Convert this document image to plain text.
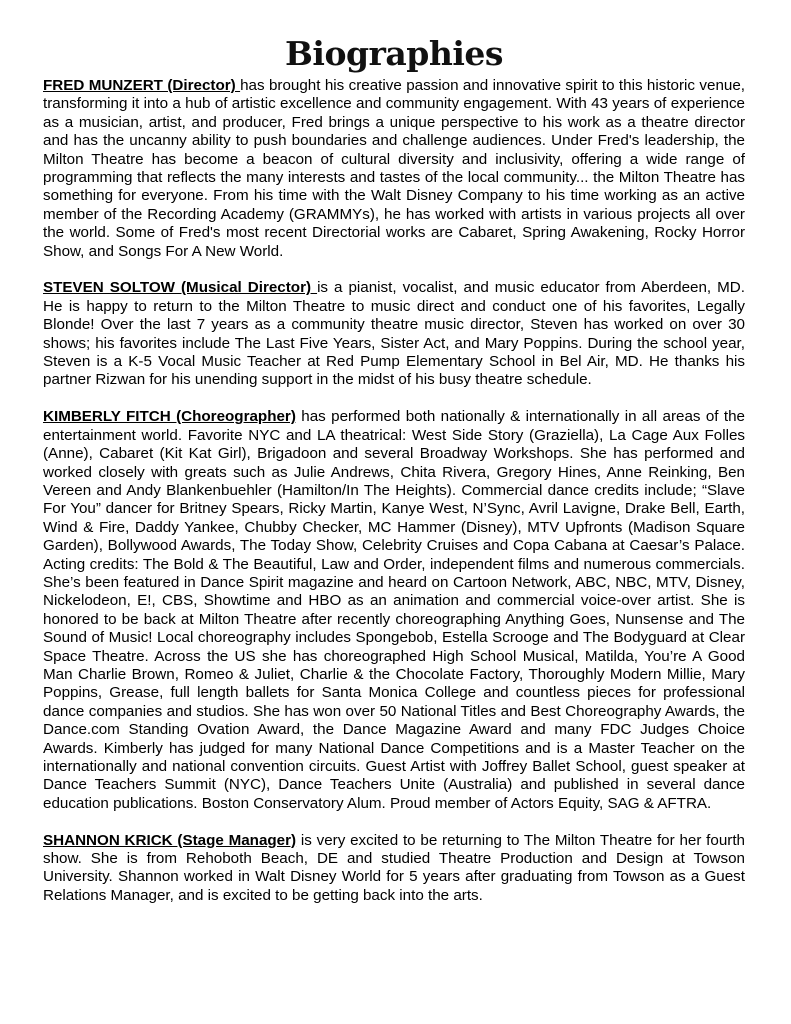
Biographies

FRED MUNZERT (Director) has brought his creative passion and innovative spirit to this historic venue, transforming it into a hub of artistic excellence and community engagement. With 43 years of experience as a musician, artist, and producer, Fred brings a unique perspective to his work as a theatre director and has the uncanny ability to push boundaries and challenge audiences. Under Fred's leadership, the Milton Theatre has become a beacon of cultural diversity and inclusivity, offering a wide range of programming that reflects the many interests and tastes of the local community... the Milton Theatre has something for everyone. From his time with the Walt Disney Company to his time working as an active member of the Recording Academy (GRAMMYs), he has worked with artists in various projects all over the world. Some of Fred's most recent Directorial works are Cabaret, Spring Awakening, Rocky Horror Show, and Songs For A New World.

STEVEN SOLTOW (Musical Director) is a pianist, vocalist, and music educator from Aberdeen, MD. He is happy to return to the Milton Theatre to music direct and conduct one of his favorites, Legally Blonde! Over the last 7 years as a community theatre music director, Steven has worked on over 30 shows; his favorites include The Last Five Years, Sister Act, and Mary Poppins. During the school year, Steven is a K-5 Vocal Music Teacher at Red Pump Elementary School in Bel Air, MD. He thanks his partner Rizwan for his unending support in the midst of his busy theatre schedule.

KIMBERLY FITCH (Choreographer) has performed both nationally & internationally in all areas of the entertainment world. Favorite NYC and LA theatrical: West Side Story (Graziella), La Cage Aux Folles (Anne), Cabaret (Kit Kat Girl), Brigadoon and several Broadway Workshops. She has performed and worked closely with greats such as Julie Andrews, Chita Rivera, Gregory Hines, Anne Reinking, Ben Vereen and Andy Blankenbuehler (Hamilton/In The Heights). Commercial dance credits include; “Slave For You” dancer for Britney Spears, Ricky Martin, Kanye West, N’Sync, Avril Lavigne, Drake Bell, Earth, Wind & Fire, Daddy Yankee, Chubby Checker, MC Hammer (Disney), MTV Upfronts (Madison Square Garden), Bollywood Awards, The Today Show, Celebrity Cruises and Copa Cabana at Caesar’s Palace. Acting credits: The Bold & The Beautiful, Law and Order, independent films and numerous commercials. She’s been featured in Dance Spirit magazine and heard on Cartoon Network, ABC, NBC, MTV, Disney, Nickelodeon, E!, CBS, Showtime and HBO as an animation and commercial voice-over artist. She is honored to be back at Milton Theatre after recently choreographing Anything Goes, Nunsense and The Sound of Music! Local choreography includes Spongebob, Estella Scrooge and The Bodyguard at Clear Space Theatre. Across the US she has choreographed High School Musical, Matilda, You’re A Good Man Charlie Brown, Romeo & Juliet, Charlie & the Chocolate Factory, Thoroughly Modern Millie, Mary Poppins, Grease, full length ballets for Santa Monica College and countless pieces for professional dance companies and studios. She has won over 50 National Titles and Best Choreography Awards, the Dance.com Standing Ovation Award, the Dance Magazine Award and many FDC Judges Choice Awards. Kimberly has judged for many National Dance Competitions and is a Master Teacher on the internationally and national convention circuits. Guest Artist with Joffrey Ballet School, guest speaker at Dance Teachers Summit (NYC), Dance Teachers Unite (Australia) and published in several dance education publications. Boston Conservatory Alum. Proud member of Actors Equity, SAG & AFTRA.

SHANNON KRICK (Stage Manager) is very excited to be returning to The Milton Theatre for her fourth show. She is from Rehoboth Beach, DE and studied Theatre Production and Design at Towson University. Shannon worked in Walt Disney World for 5 years after graduating from Towson as a Guest Relations Manager, and is excited to be getting back into the arts.
